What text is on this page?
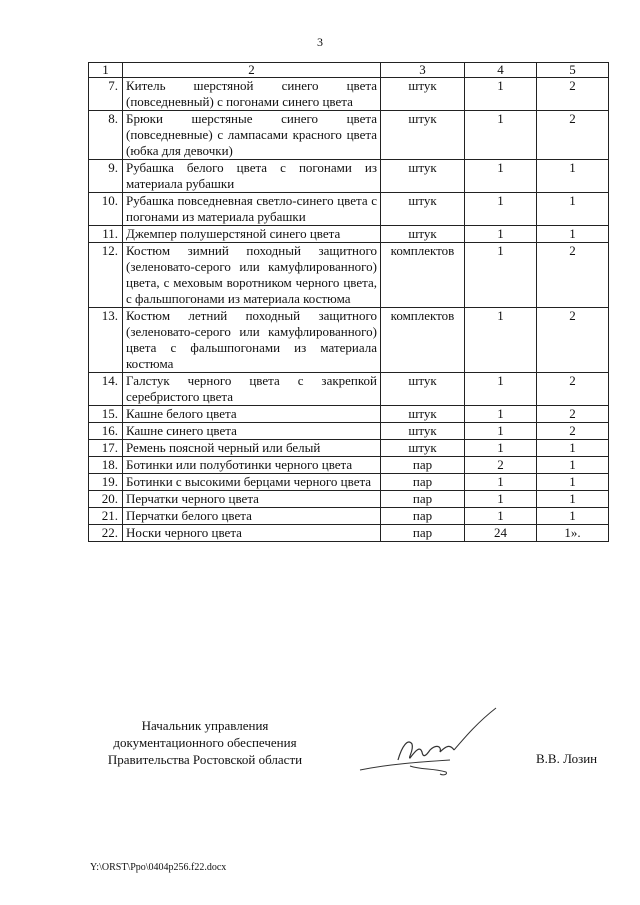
3
1	2	3	4	5
7.	Китель шерстяной синего цвета (повседневный) с погонами синего цвета	штук	1	2
8.	Брюки шерстяные синего цвета (повседневные) с лампасами красного цвета (юбка для девочки)	штук	1	2
9.	Рубашка белого цвета с погонами из материала рубашки	штук	1	1
10.	Рубашка повседневная светло-синего цвета с погонами из материала рубашки	штук	1	1
11.	Джемпер полушерстяной синего цвета	штук	1	1
12.	Костюм зимний походный защитного (зеленовато-серого или камуфлированного) цвета, с меховым воротником черного цвета, с фальшпогонами из материала костюма	комплектов	1	2
13.	Костюм летний походный защитного (зеленовато-серого или камуфлированного) цвета с фальшпогонами из материала костюма	комплектов	1	2
14.	Галстук черного цвета с закрепкой серебристого цвета	штук	1	2
15.	Кашне белого цвета	штук	1	2
16.	Кашне синего цвета	штук	1	2
17.	Ремень поясной черный или белый	штук	1	1
18.	Ботинки или полуботинки черного цвета	пар	2	1
19.	Ботинки с высокими берцами черного цвета	пар	1	1
20.	Перчатки черного цвета	пар	1	1
21.	Перчатки белого цвета	пар	1	1
22.	Носки черного цвета	пар	24	1».
Начальник управления
документационного обеспечения
Правительства Ростовской области	В.В. Лозин
Y:\ORST\Ppo\0404p256.f22.docx
